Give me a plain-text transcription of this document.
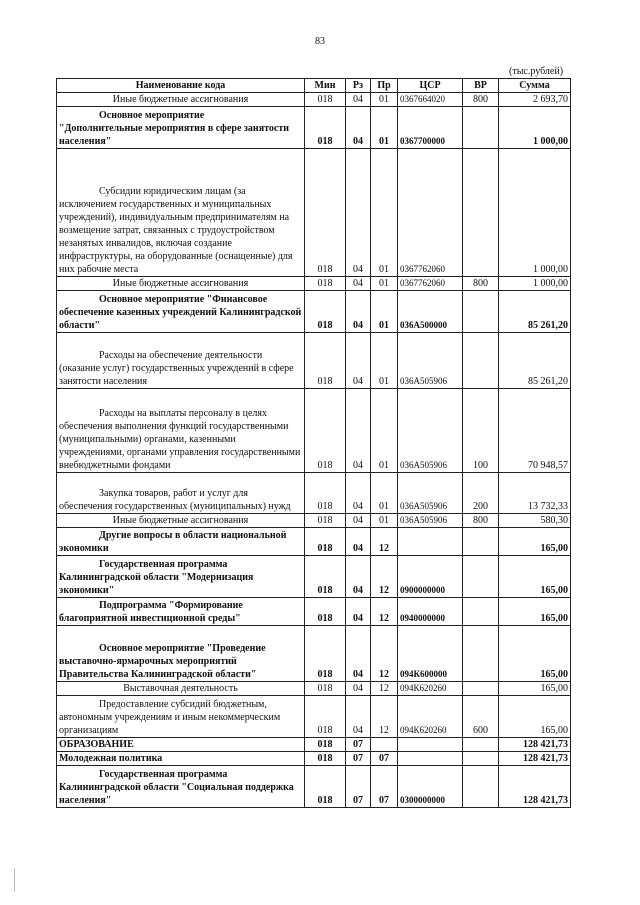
83
(тыс.рублей)
Наименование кода	Мин	Рз	Пр	ЦСР	ВР	Сумма
Иные бюджетные ассигнования	018	04	01	0367664020	800	2 693,70
Основное мероприятие
"Дополнительные мероприятия в сфере занятости населения"	018	04	01	0367700000		1 000,00
Субсидии юридическим лицам (за исключением государственных и муниципальных учреждений), индивидуальным предпринимателям на возмещение затрат, связанных с трудоустройством незанятых инвалидов, включая создание инфраструктуры, на оборудованные (оснащенные) для них рабочие места	018	04	01	0367762060		1 000,00
Иные бюджетные ассигнования	018	04	01	0367762060	800	1 000,00
Основное мероприятие "Финансовое обеспечение казенных учреждений Калининградской области"	018	04	01	036А500000		85 261,20
Расходы на обеспечение деятельности (оказание услуг) государственных учреждений в сфере занятости населения	018	04	01	036А505906		85 261,20
Расходы на выплаты персоналу в целях обеспечения выполнения функций государственными (муниципальными) органами, казенными учреждениями, органами управления государственными внебюджетными фондами	018	04	01	036А505906	100	70 948,57
Закупка товаров, работ и услуг для обеспечения государственных (муниципальных) нужд	018	04	01	036А505906	200	13 732,33
Иные бюджетные ассигнования	018	04	01	036А505906	800	580,30
Другие вопросы в области национальной экономики	018	04	12			165,00
Государственная программа Калининградской области "Модернизация экономики"	018	04	12	0900000000		165,00
Подпрограмма "Формирование благоприятной инвестиционной среды"	018	04	12	0940000000		165,00
Основное мероприятие "Проведение выставочно-ярмарочных мероприятий Правительства Калининградской области"	018	04	12	094К600000		165,00
Выставочная деятельность	018	04	12	094К620260		165,00
Предоставление субсидий бюджетным, автономным учреждениям и иным некоммерческим организациям	018	04	12	094К620260	600	165,00
ОБРАЗОВАНИЕ	018	07				128 421,73
Молодежная политика	018	07	07			128 421,73
Государственная программа Калининградской области "Социальная поддержка населения"	018	07	07	0300000000		128 421,73
